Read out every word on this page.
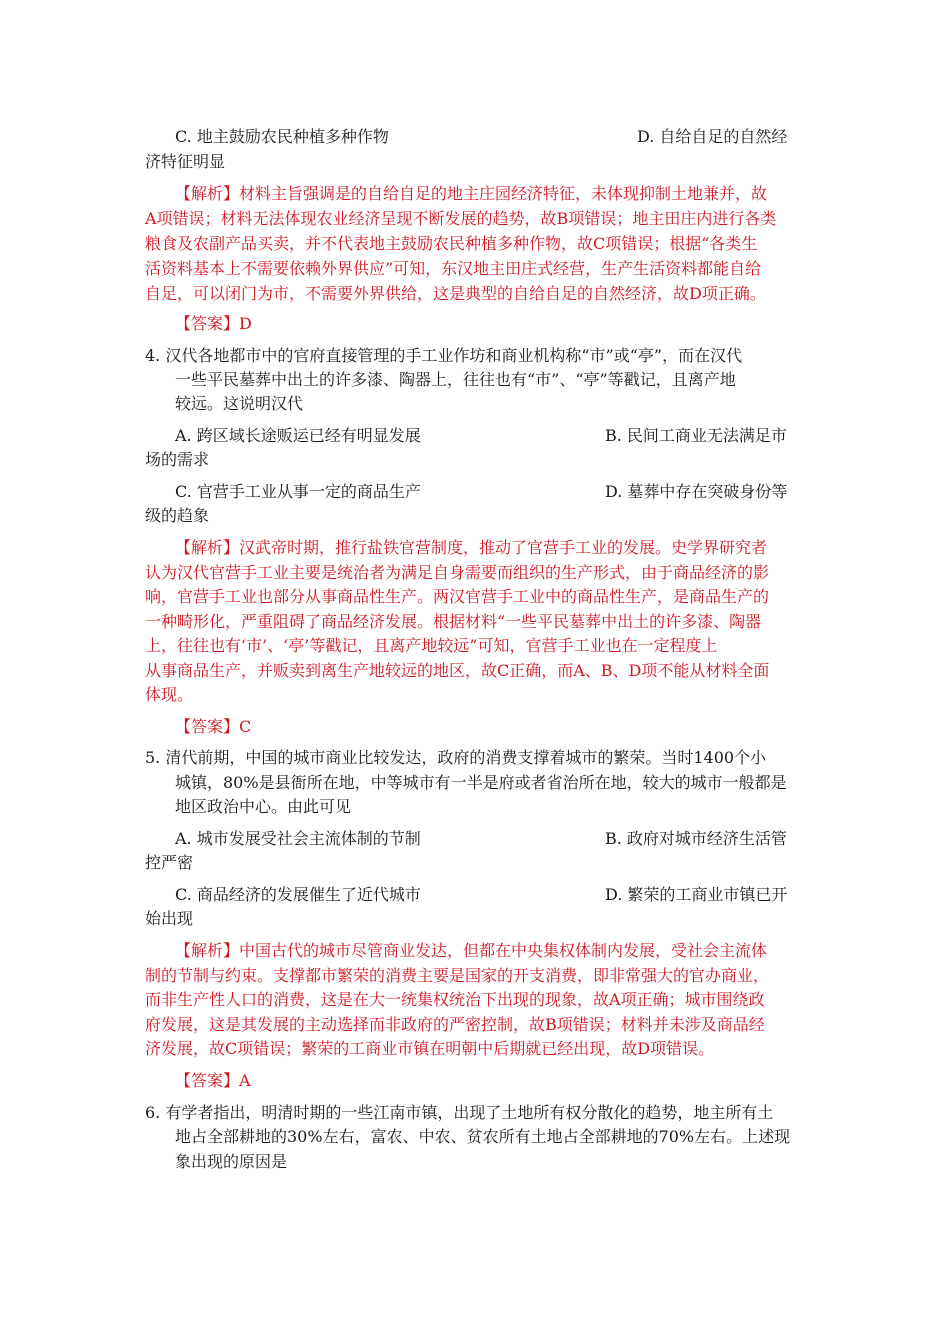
C. 地主鼓励农民种植多种作物	D. 自给自足的自然经
济特征明显
【解析】材料主旨强调是的自给自足的地主庄园经济特征，未体现抑制土地兼并，故
A项错误；材料无法体现农业经济呈现不断发展的趋势，故B项错误；地主田庄内进行各类
粮食及农副产品买卖，并不代表地主鼓励农民种植多种作物，故C项错误；根据“各类生
活资料基本上不需要依赖外界供应”可知，东汉地主田庄式经营，生产生活资料都能自给
自足，可以闭门为市，不需要外界供给，这是典型的自给自足的自然经济，故D项正确。
【答案】D
4. 汉代各地都市中的官府直接管理的手工业作坊和商业机构称“市”或“亭”，而在汉代
一些平民墓葬中出土的许多漆、陶器上，往往也有“市”、“亭”等戳记，且离产地
较远。这说明汉代
A. 跨区域长途贩运已经有明显发展	B. 民间工商业无法满足市
场的需求
C. 官营手工业从事一定的商品生产	D. 墓葬中存在突破身份等
级的趋象
【解析】汉武帝时期，推行盐铁官营制度，推动了官营手工业的发展。史学界研究者
认为汉代官营手工业主要是统治者为满足自身需要而组织的生产形式，由于商品经济的影
响，官营手工业也部分从事商品性生产。两汉官营手工业中的商品性生产，是商品生产的
一种畸形化，严重阻碍了商品经济发展。根据材料“一些平民墓葬中出土的许多漆、陶器
上，往往也有‘市’、‘亭’等戳记，且离产地较远”可知，官营手工业也在一定程度上
从事商品生产，并贩卖到离生产地较远的地区，故C正确，而A、B、D项不能从材料全面
体现。
【答案】C
5. 清代前期，中国的城市商业比较发达，政府的消费支撑着城市的繁荣。当时1400个小
城镇，80%是县衙所在地，中等城市有一半是府或者省治所在地，较大的城市一般都是
地区政治中心。由此可见
A. 城市发展受社会主流体制的节制	B. 政府对城市经济生活管
控严密
C. 商品经济的发展催生了近代城市	D. 繁荣的工商业市镇已开
始出现
【解析】中国古代的城市尽管商业发达，但都在中央集权体制内发展，受社会主流体
制的节制与约束。支撑都市繁荣的消费主要是国家的开支消费，即非常强大的官办商业，
而非生产性人口的消费，这是在大一统集权统治下出现的现象，故A项正确；城市围绕政
府发展，这是其发展的主动选择而非政府的严密控制，故B项错误；材料并未涉及商品经
济发展，故C项错误；繁荣的工商业市镇在明朝中后期就已经出现，故D项错误。
【答案】A
6. 有学者指出，明清时期的一些江南市镇，出现了土地所有权分散化的趋势，地主所有土
地占全部耕地的30%左右，富农、中农、贫农所有土地占全部耕地的70%左右。上述现
象出现的原因是
